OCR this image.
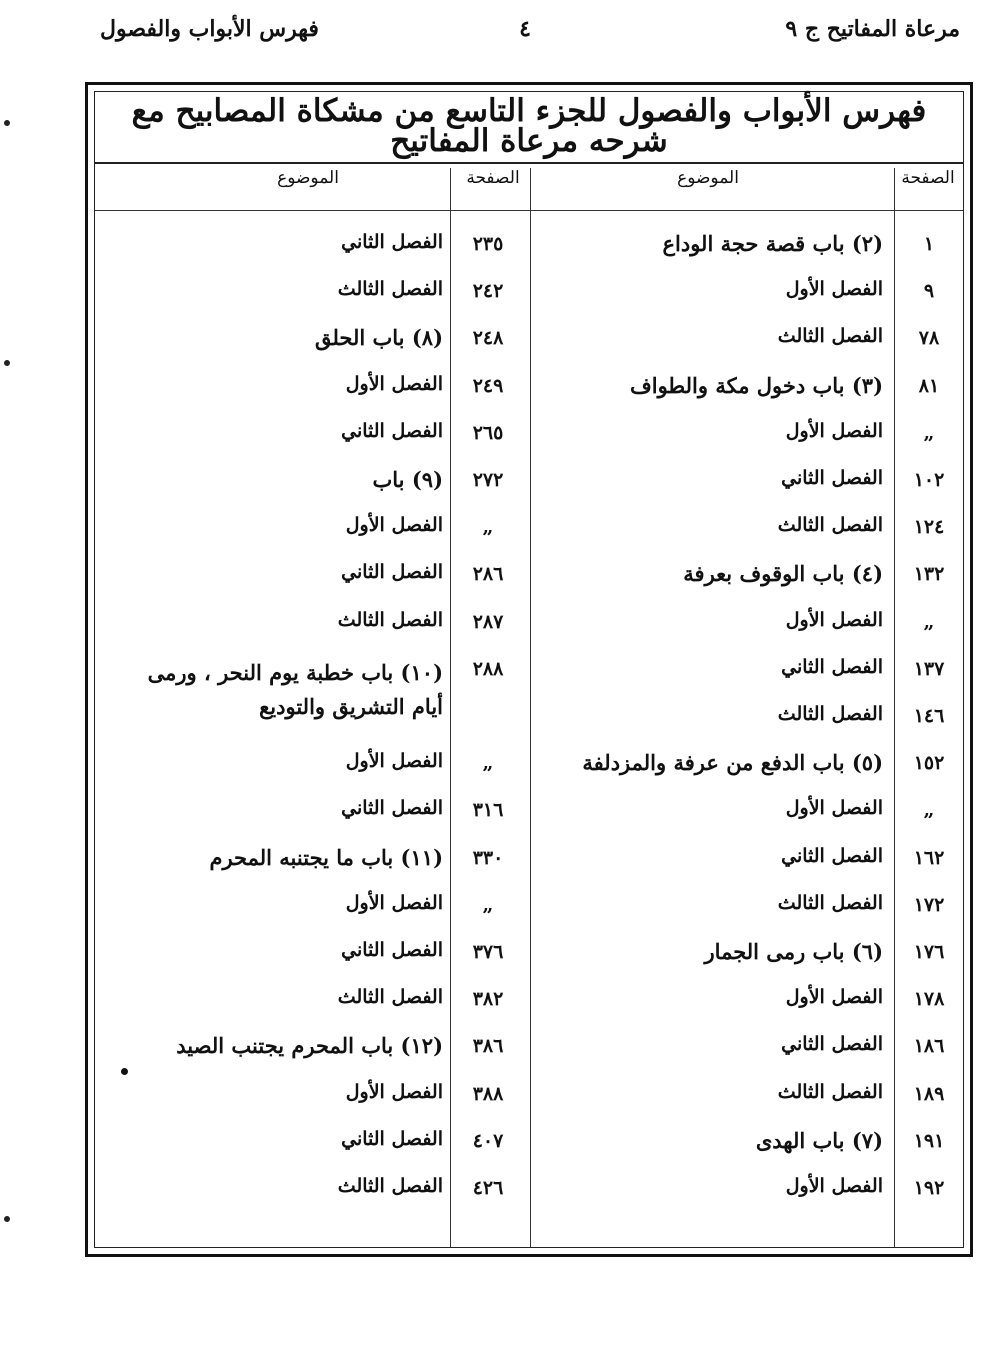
مرعاة المفاتيح ج ٩
٤
فهرس الأبواب والفصول
فهرس الأبواب والفصول للجزء التاسع من مشكاة المصابيح مع شرحه مرعاة المفاتيح
الصفحة
الموضوع
الصفحة
الموضوع
١
(٢) باب قصة حجة الوداع
٩
الفصل الأول
٧٨
الفصل الثالث
٨١
(٣) باب دخول مكة والطواف
„
الفصل الأول
١٠٢
الفصل الثاني
١٢٤
الفصل الثالث
١٣٢
(٤) باب الوقوف بعرفة
„
الفصل الأول
١٣٧
الفصل الثاني
١٤٦
الفصل الثالث
١٥٢
(٥) باب الدفع من عرفة والمزدلفة
„
الفصل الأول
١٦٢
الفصل الثاني
١٧٢
الفصل الثالث
١٧٦
(٦) باب رمى الجمار
١٧٨
الفصل الأول
١٨٦
الفصل الثاني
١٨٩
الفصل الثالث
١٩١
(٧) باب الهدى
١٩٢
الفصل الأول
٢٣٥
الفصل الثاني
٢٤٢
الفصل الثالث
٢٤٨
(٨) باب الحلق
٢٤٩
الفصل الأول
٢٦٥
الفصل الثاني
٢٧٢
(٩) باب
„
الفصل الأول
٢٨٦
الفصل الثاني
٢٨٧
الفصل الثالث
٢٨٨
(١٠) باب خطبة يوم النحر ، ورمى أيام التشريق والتوديع
„
الفصل الأول
٣١٦
الفصل الثاني
٣٣٠
(١١) باب ما يجتنبه المحرم
„
الفصل الأول
٣٧٦
الفصل الثاني
٣٨٢
الفصل الثالث
٣٨٦
(١٢) باب المحرم يجتنب الصيد
٣٨٨
الفصل الأول
٤٠٧
الفصل الثاني
٤٢٦
الفصل الثالث
